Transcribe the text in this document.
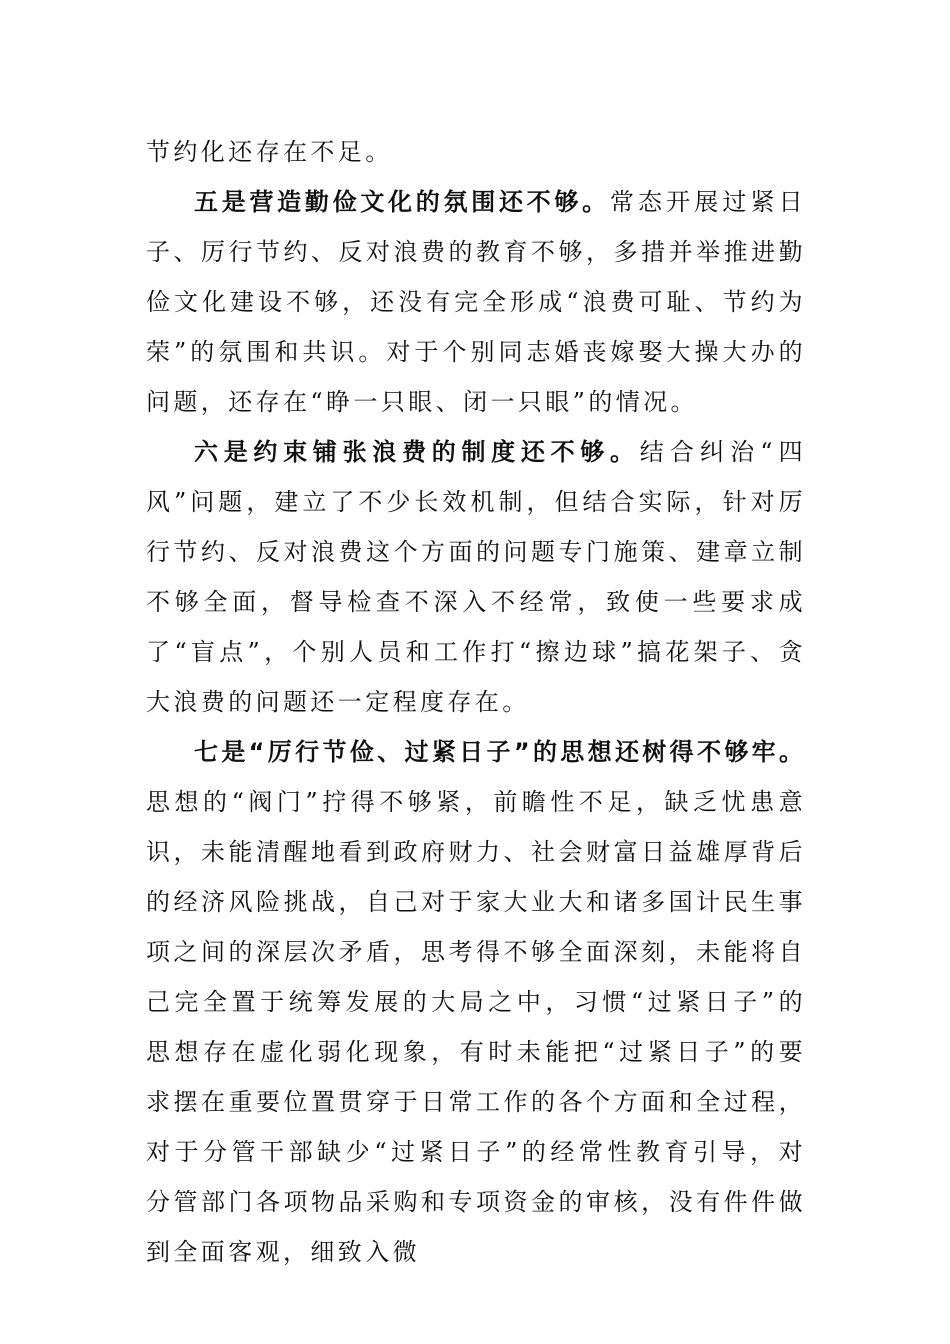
节约化还存在不足。

五是营造勤俭文化的氛围还不够。常态开展过紧日子、厉行节约、反对浪费的教育不够，多措并举推进勤俭文化建设不够，还没有完全形成“浪费可耻、节约为荣”的氛围和共识。对于个别同志婚丧嫁娶大操大办的问题，还存在“睁一只眼、闭一只眼”的情况。

六是约束铺张浪费的制度还不够。结合纠治“四风”问题，建立了不少长效机制，但结合实际，针对厉行节约、反对浪费这个方面的问题专门施策、建章立制不够全面，督导检查不深入不经常，致使一些要求成了“盲点”，个别人员和工作打“擦边球”搞花架子、贪大浪费的问题还一定程度存在。

七是“厉行节俭、过紧日子”的思想还树得不够牢。思想的“阀门”拧得不够紧，前瞻性不足，缺乏忧患意识，未能清醒地看到政府财力、社会财富日益雄厚背后的经济风险挑战，自己对于家大业大和诸多国计民生事项之间的深层次矛盾，思考得不够全面深刻，未能将自己完全置于统筹发展的大局之中，习惯“过紧日子”的思想存在虚化弱化现象，有时未能把“过紧日子”的要求摆在重要位置贯穿于日常工作的各个方面和全过程，对于分管干部缺少“过紧日子”的经常性教育引导，对分管部门各项物品采购和专项资金的审核，没有件件做到全面客观，细致入微
